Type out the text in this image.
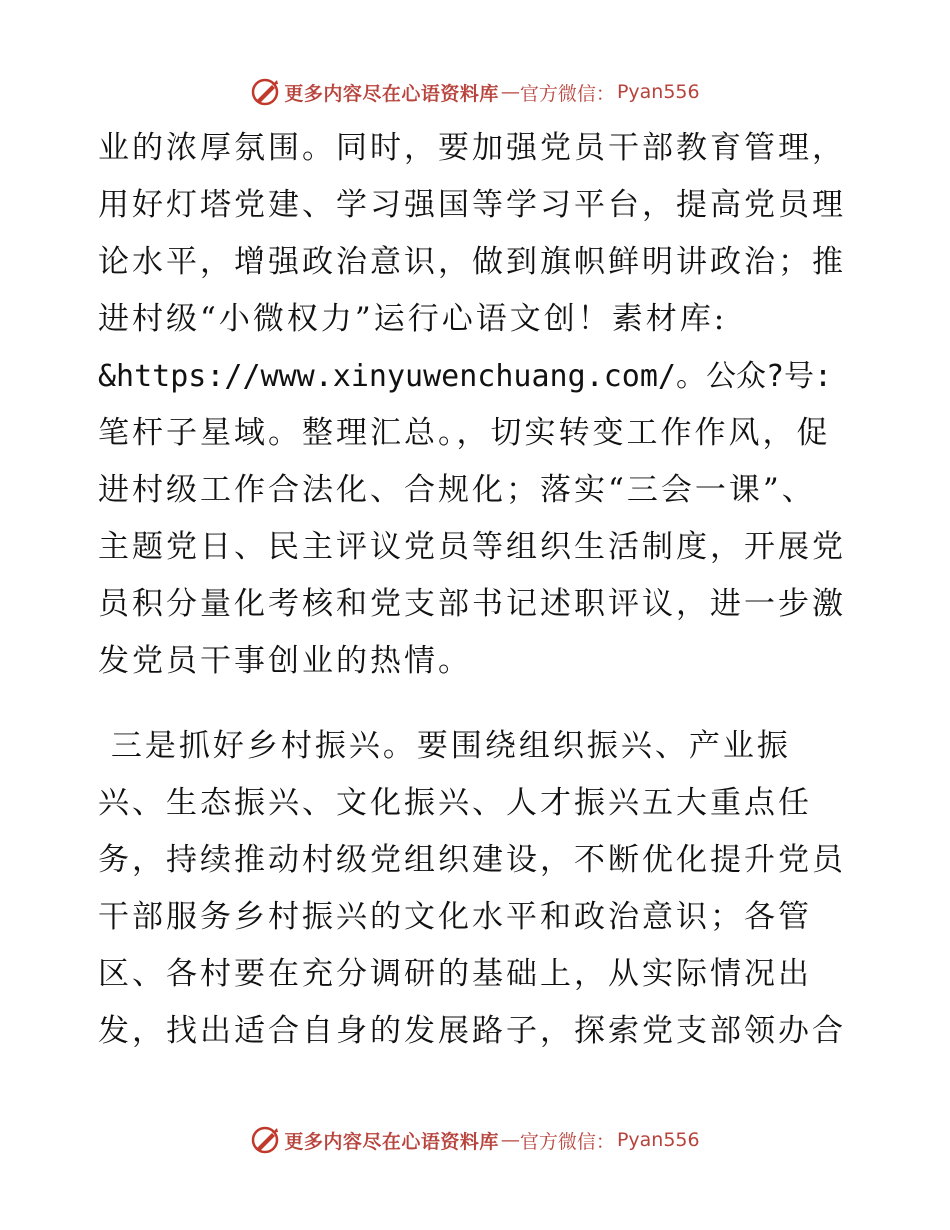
更多内容尽在心语资料库 — 官方微信： Pyan556
业的浓厚氛围。同时，要加强党员干部教育管理，
用好灯塔党建、学习强国等学习平台，提高党员理
论水平，增强政治意识，做到旗帜鲜明讲政治；推
进村级“小微权力”运行心语文创！素材库:
&https://www.xinyuwenchuang.com/。公众?号:
笔杆子星域。整理汇总。，切实转变工作作风，促
进村级工作合法化、合规化；落实“三会一课”、
主题党日、民主评议党员等组织生活制度，开展党
员积分量化考核和党支部书记述职评议，进一步激
发党员干事创业的热情。
三是抓好乡村振兴。要围绕组织振兴、产业振
兴、生态振兴、文化振兴、人才振兴五大重点任
务，持续推动村级党组织建设，不断优化提升党员
干部服务乡村振兴的文化水平和政治意识；各管
区、各村要在充分调研的基础上，从实际情况出
发，找出适合自身的发展路子，探索党支部领办合
更多内容尽在心语资料库 — 官方微信： Pyan556
